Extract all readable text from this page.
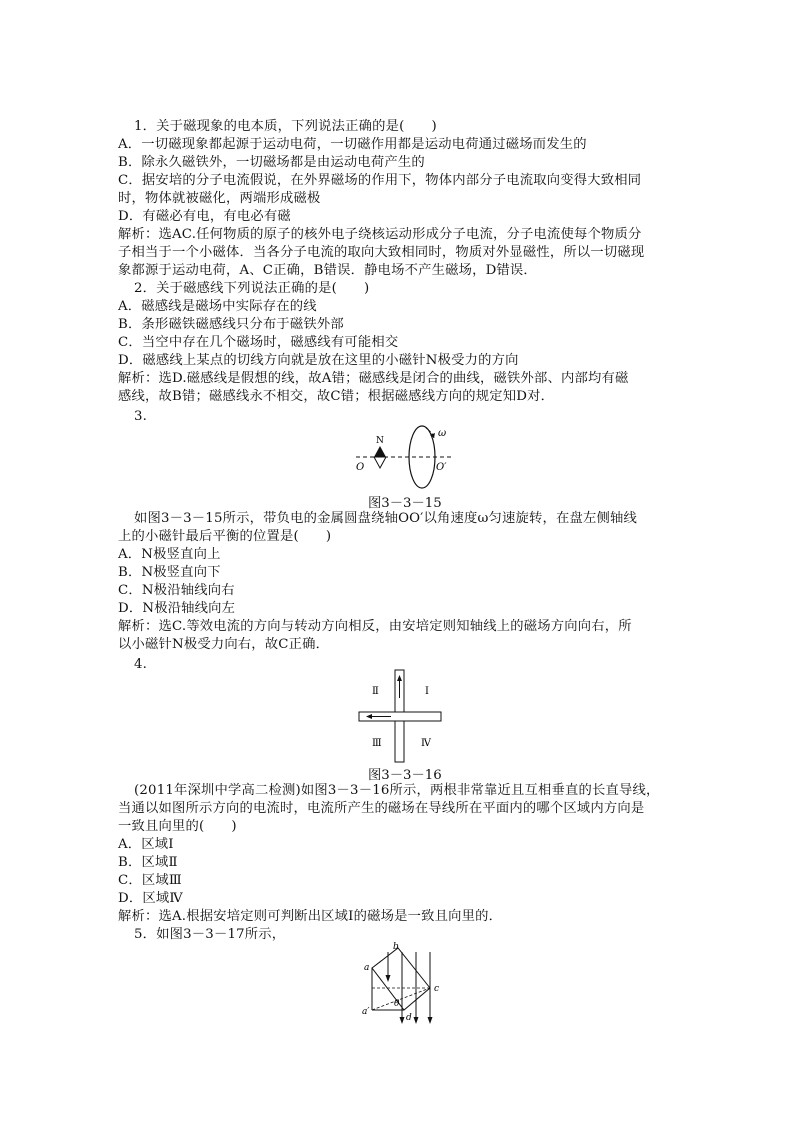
1．关于磁现象的电本质，下列说法正确的是(　　)
A．一切磁现象都起源于运动电荷，一切磁作用都是运动电荷通过磁场而发生的
B．除永久磁铁外，一切磁场都是由运动电荷产生的
C．据安培的分子电流假说，在外界磁场的作用下，物体内部分子电流取向变得大致相同
时，物体就被磁化，两端形成磁极
D．有磁必有电，有电必有磁
解析：选AC.任何物质的原子的核外电子绕核运动形成分子电流，分子电流使每个物质分
子相当于一个小磁体．当各分子电流的取向大致相同时，物质对外显磁性，所以一切磁现
象都源于运动电荷，A、C正确，B错误．静电场不产生磁场，D错误．
2．关于磁感线下列说法正确的是(　　)
A．磁感线是磁场中实际存在的线
B．条形磁铁磁感线只分布于磁铁外部
C．当空中存在几个磁场时，磁感线有可能相交
D．磁感线上某点的切线方向就是放在这里的小磁针N极受力的方向
解析：选D.磁感线是假想的线，故A错；磁感线是闭合的曲线，磁铁外部、内部均有磁
感线，故B错；磁感线永不相交，故C错；根据磁感线方向的规定知D对．
3.
N
O	O′
ω
图3－3－15
如图3－3－15所示，带负电的金属圆盘绕轴OO′以角速度ω匀速旋转，在盘左侧轴线
上的小磁针最后平衡的位置是(　　)
A．N极竖直向上
B．N极竖直向下
C．N极沿轴线向右
D．N极沿轴线向左
解析：选C.等效电流的方向与转动方向相反，由安培定则知轴线上的磁场方向向右，所
以小磁针N极受力向右，故C正确．
4.
Ⅰ
Ⅱ
Ⅲ	Ⅳ
图3－3－16
(2011年深圳中学高二检测)如图3－3－16所示，两根非常靠近且互相垂直的长直导线，
当通以如图所示方向的电流时，电流所产生的磁场在导线所在平面内的哪个区域内方向是
一致且向里的(　　)
A．区域Ⅰ
B．区域Ⅱ
C．区域Ⅲ
D．区域Ⅳ
解析：选A.根据安培定则可判断出区域Ⅰ的磁场是一致且向里的．
5．如图3－3－17所示，
a
b
c
d
a′
θ
